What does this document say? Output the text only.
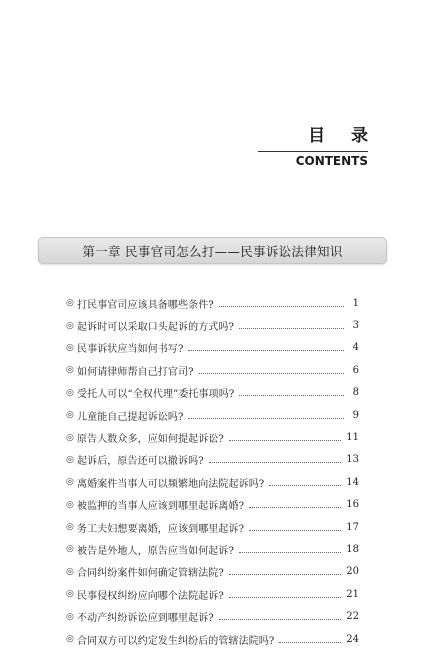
目 录
CONTENTS
第一章 民事官司怎么打——民事诉讼法律知识
◎ 打民事官司应该具备哪些条件?	1
◎ 起诉时可以采取口头起诉的方式吗?	3
◎ 民事诉状应当如何书写?	4
◎ 如何请律师帮自己打官司?	6
◎ 受托人可以“全权代理”委托事项吗?	8
◎ 儿童能自己提起诉讼吗?	9
◎ 原告人数众多，应如何提起诉讼?	11
◎ 起诉后，原告还可以撤诉吗?	13
◎ 离婚案件当事人可以频繁地向法院起诉吗?	14
◎ 被监押的当事人应该到哪里起诉离婚?	16
◎ 务工夫妇想要离婚，应该到哪里起诉?	17
◎ 被告是外地人，原告应当如何起诉?	18
◎ 合同纠纷案件如何确定管辖法院?	20
◎ 民事侵权纠纷应向哪个法院起诉?	21
◎ 不动产纠纷诉讼应到哪里起诉?	22
◎ 合同双方可以约定发生纠纷后的管辖法院吗?	24
